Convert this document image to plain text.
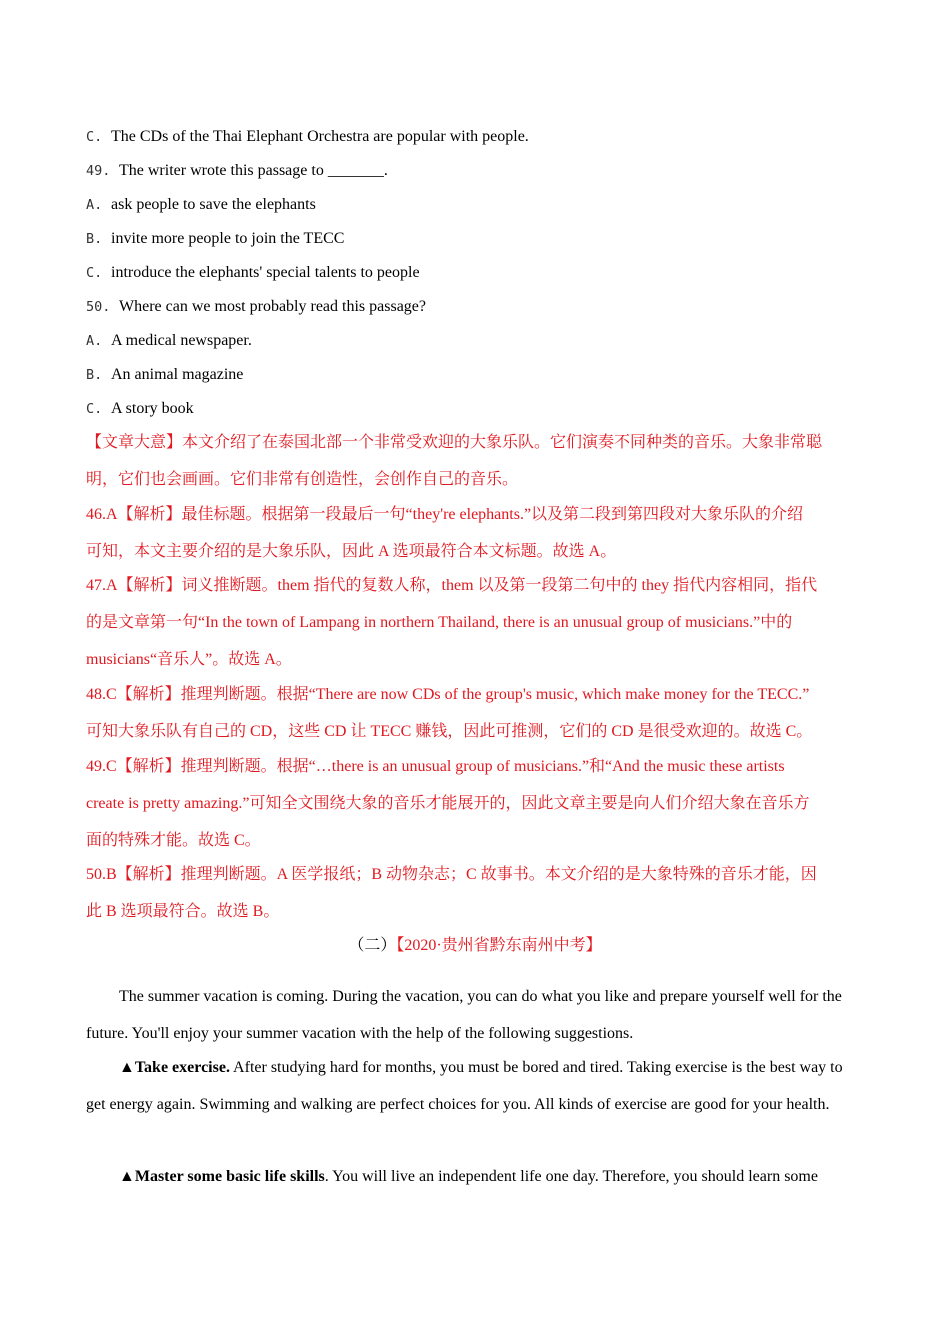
C. The CDs of the Thai Elephant Orchestra are popular with people.
49. The writer wrote this passage to _______.
A. ask people to save the elephants
B. invite more people to join the TECC
C. introduce the elephants' special talents to people
50. Where can we most probably read this passage?
A. A medical newspaper.
B. An animal magazine
C. A story book
【文章大意】本文介绍了在泰国北部一个非常受欢迎的大象乐队。它们演奏不同种类的音乐。大象非常聪
明，它们也会画画。它们非常有创造性，会创作自己的音乐。
46.A【解析】最佳标题。根据第一段最后一句“they're elephants.”以及第二段到第四段对大象乐队的介绍
可知，本文主要介绍的是大象乐队，因此 A 选项最符合本文标题。故选 A。
47.A【解析】词义推断题。them 指代的复数人称，them 以及第一段第二句中的 they 指代内容相同，指代
的是文章第一句“In the town of Lampang in northern Thailand, there is an unusual group of musicians.”中的
musicians“音乐人”。故选 A。
48.C【解析】推理判断题。根据“There are now CDs of the group's music, which make money for the TECC.”
可知大象乐队有自己的 CD，这些 CD 让 TECC 赚钱，因此可推测，它们的 CD 是很受欢迎的。故选 C。
49.C【解析】推理判断题。根据“…there is an unusual group of musicians.”和“And the music these artists
create is pretty amazing.”可知全文围绕大象的音乐才能展开的，因此文章主要是向人们介绍大象在音乐方
面的特殊才能。故选 C。
50.B【解析】推理判断题。A 医学报纸；B 动物杂志；C 故事书。本文介绍的是大象特殊的音乐才能，因
此 B 选项最符合。故选 B。
（二）【2020·贵州省黔东南州中考】
The summer vacation is coming. During the vacation, you can do what you like and prepare yourself well for the future. You'll enjoy your summer vacation with the help of the following suggestions.
▲Take exercise. After studying hard for months, you must be bored and tired. Taking exercise is the best way to get energy again. Swimming and walking are perfect choices for you. All kinds of exercise are good for your health.
▲Master some basic life skills. You will live an independent life one day. Therefore, you should learn some
